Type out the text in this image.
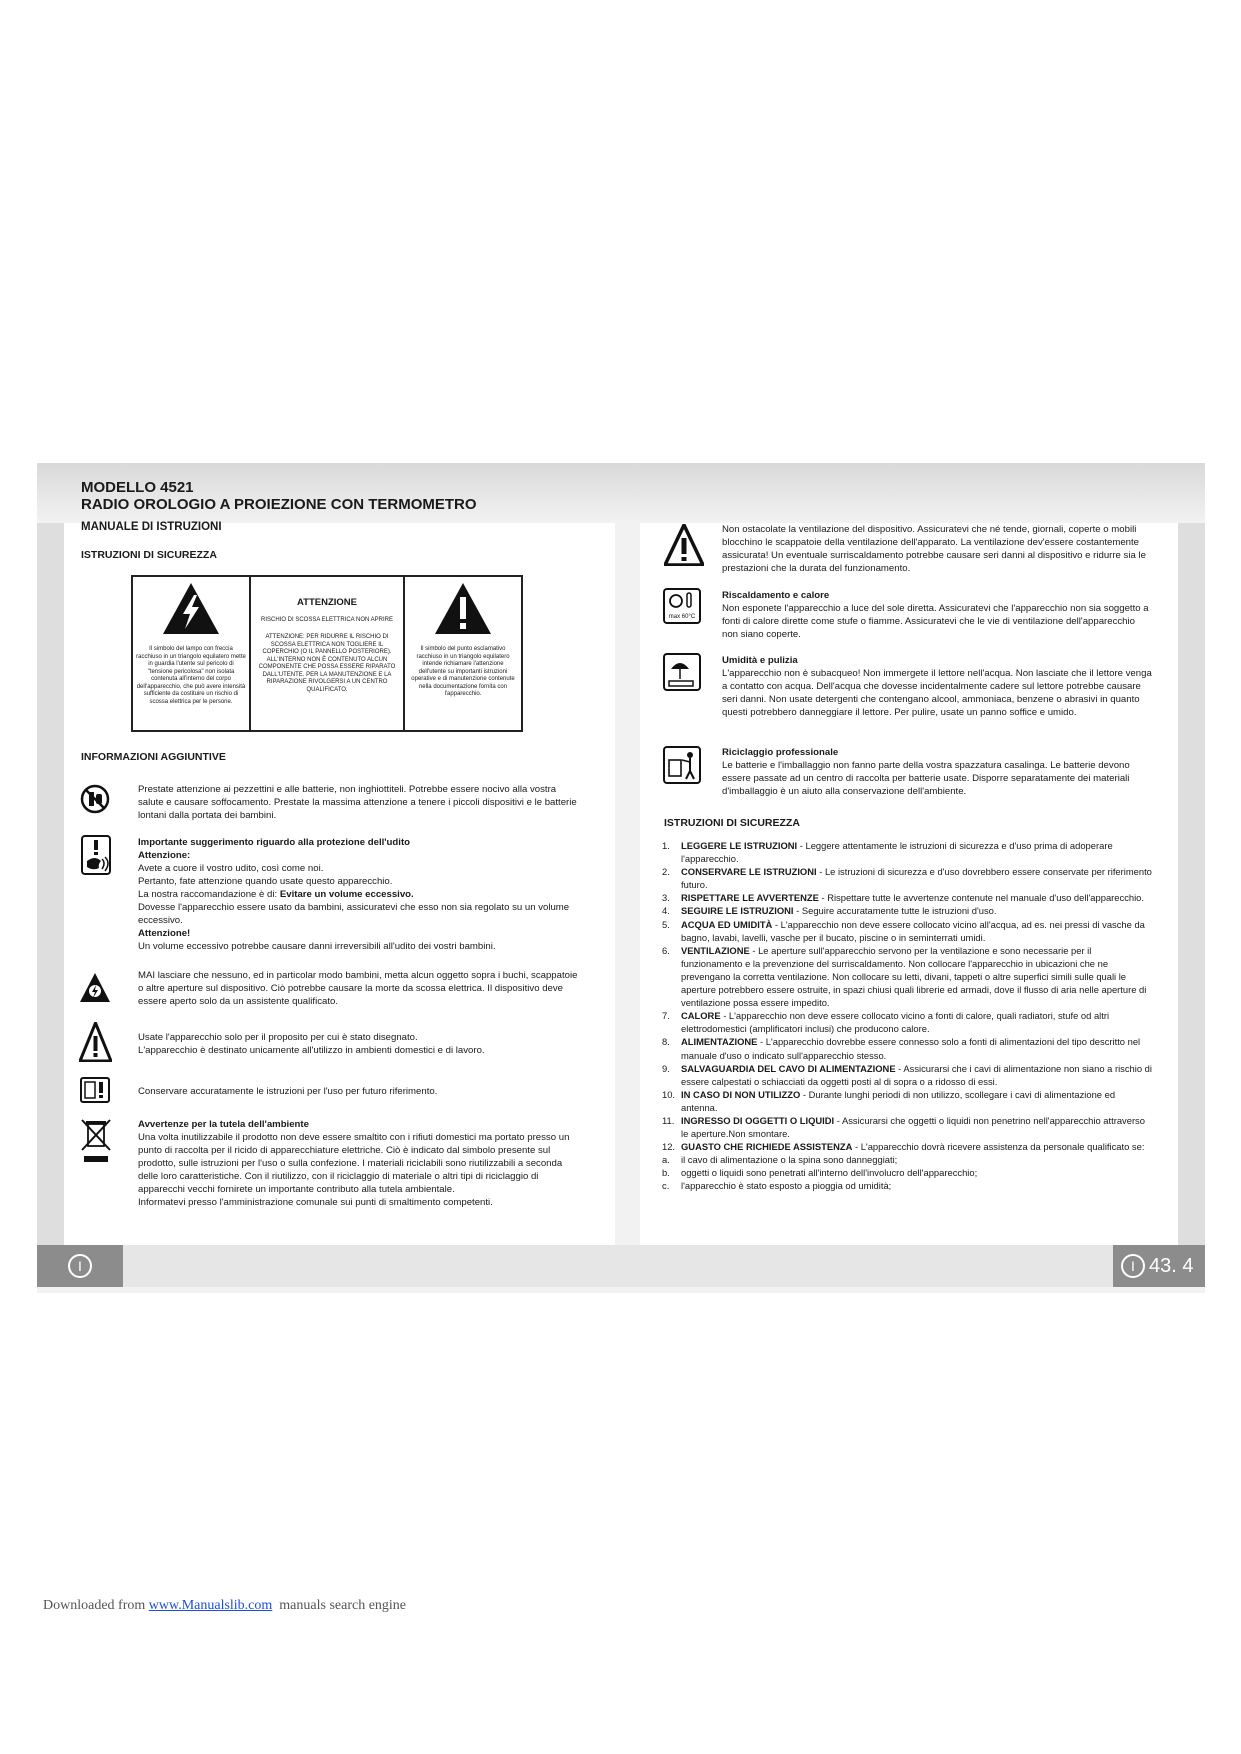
MODELLO 4521
RADIO OROLOGIO A PROIEZIONE CON TERMOMETRO

MANUALE DI ISTRUZIONI

ISTRUZIONI DI SICUREZZA

Il simbolo del lampo con freccia racchiuso in un triangolo equilatero mette in guardia l'utente sul pericolo di "tensione pericolosa" non isolata contenuta all'interno del corpo dell'apparecchio, che può avere intensità sufficiente da costituire un rischio di scossa elettrica per le persone.
ATTENZIONE
RISCHIO DI SCOSSA ELETTRICA NON APRIRE
ATTENZIONE: PER RIDURRE IL RISCHIO DI SCOSSA ELETTRICA NON TOGLIERE IL COPERCHIO (O IL PANNELLO POSTERIORE). ALL'INTERNO NON È CONTENUTO ALCUN COMPONENTE CHE POSSA ESSERE RIPARATO DALL'UTENTE. PER LA MANUTENZIONE E LA RIPARAZIONE RIVOLGERSI A UN CENTRO QUALIFICATO.
Il simbolo del punto esclamativo racchiuso in un triangolo equilatero intende richiamare l'attenzione dell'utente su importanti istruzioni operative e di manutenzione contenute nella documentazione fornita con l'apparecchio.

INFORMAZIONI AGGIUNTIVE

Prestate attenzione ai pezzettini e alle batterie, non inghiottiteli. Potrebbe essere nocivo alla vostra salute e causare soffocamento. Prestate la massima attenzione a tenere i piccoli dispositivi e le batterie lontani dalla portata dei bambini.

Importante suggerimento riguardo alla protezione dell'udito
Attenzione:
Avete a cuore il vostro udito, così come noi.
Pertanto, fate attenzione quando usate questo apparecchio.
La nostra raccomandazione è di: Evitare un volume eccessivo.
Dovesse l'apparecchio essere usato da bambini, assicuratevi che esso non sia regolato su un volume eccessivo.
Attenzione!
Un volume eccessivo potrebbe causare danni irreversibili all'udito dei vostri bambini.

MAI lasciare che nessuno, ed in particolar modo bambini, metta alcun oggetto sopra i buchi, scappatoie o altre aperture sul dispositivo. Ciò potrebbe causare la morte da scossa elettrica. Il dispositivo deve essere aperto solo da un assistente qualificato.

Usate l'apparecchio solo per il proposito per cui è stato disegnato.
L'apparecchio è destinato unicamente all'utilizzo in ambienti domestici e di lavoro.

Conservare accuratamente le istruzioni per l'uso per futuro riferimento.

Avvertenze per la tutela dell'ambiente
Una volta inutilizzabile il prodotto non deve essere smaltito con i rifiuti domestici ma portato presso un punto di raccolta per il ricido di apparecchiature elettriche. Ciò è indicato dal simbolo presente sul prodotto, sulle istruzioni per l'uso o sulla confezione. I materiali riciclabili sono riutilizzabili a seconda delle loro caratteristiche. Con il riutilizzo, con il riciclaggio di materiale o altri tipi di riciclaggio di apparecchi vecchi fornirete un importante contributo alla tutela ambientale.
Informatevi presso l'amministrazione comunale sui punti di smaltimento competenti.
I

Non ostacolate la ventilazione del dispositivo. Assicuratevi che né tende, giornali, coperte o mobili blocchino le scappatoie della ventilazione dell'apparato. La ventilazione dev'essere costantemente assicurata! Un eventuale surriscaldamento potrebbe causare seri danni al dispositivo e ridurre sia le prestazioni che la durata del funzionamento.

max 60°C
Riscaldamento e calore
Non esponete l'apparecchio a luce del sole diretta. Assicuratevi che l'apparecchio non sia soggetto a fonti di calore dirette come stufe o fiamme. Assicuratevi che le vie di ventilazione dell'apparecchio non siano coperte.
Umidità e pulizia
L'apparecchio non è subacqueo! Non immergete il lettore nell'acqua. Non lasciate che il lettore venga a contatto con acqua. Dell'acqua che dovesse incidentalmente cadere sul lettore potrebbe causare seri danni. Non usate detergenti che contengano alcool, ammoniaca, benzene o abrasivi in quanto questi potrebbero danneggiare il lettore. Per pulire, usate un panno soffice e umido.
Riciclaggio professionale
Le batterie e l'imballaggio non fanno parte della vostra spazzatura casalinga. Le batterie devono essere passate ad un centro di raccolta per batterie usate. Disporre separatamente dei materiali d'imballaggio è un aiuto alla conservazione dell'ambiente.

ISTRUZIONI DI SICUREZZA

1. LEGGERE LE ISTRUZIONI - Leggere attentamente le istruzioni di sicurezza e d'uso prima di adoperare l'apparecchio.
2. CONSERVARE LE ISTRUZIONI - Le istruzioni di sicurezza e d'uso dovrebbero essere conservate per riferimento futuro.
3. RISPETTARE LE AVVERTENZE - Rispettare tutte le avvertenze contenute nel manuale d'uso dell'apparecchio.
4. SEGUIRE LE ISTRUZIONI - Seguire accuratamente tutte le istruzioni d'uso.
5. ACQUA ED UMIDITÀ - L'apparecchio non deve essere collocato vicino all'acqua, ad es. nei pressi di vasche da bagno, lavabi, lavelli, vasche per il bucato, piscine o in seminterrati umidi.
6. VENTILAZIONE - Le aperture sull'apparecchio servono per la ventilazione e sono necessarie per il funzionamento e la prevenzione del surriscaldamento. Non collocare l'apparecchio in ubicazioni che ne prevengano la corretta ventilazione. Non collocare su letti, divani, tappeti o altre superfici simili sulle quali le aperture potrebbero essere ostruite, in spazi chiusi quali librerie ed armadi, dove il flusso di aria nelle aperture di ventilazione possa essere impedito.
7. CALORE - L'apparecchio non deve essere collocato vicino a fonti di calore, quali radiatori, stufe od altri elettrodomestici (amplificatori inclusi) che producono calore.
8. ALIMENTAZIONE - L'apparecchio dovrebbe essere connesso solo a fonti di alimentazioni del tipo descritto nel manuale d'uso o indicato sull'apparecchio stesso.
9. SALVAGUARDIA DEL CAVO DI ALIMENTAZIONE - Assicurarsi che i cavi di alimentazione non siano a rischio di essere calpestati o schiacciati da oggetti posti al di sopra o a ridosso di essi.
10. IN CASO DI NON UTILIZZO - Durante lunghi periodi di non utilizzo, scollegare i cavi di alimentazione ed antenna.
11. INGRESSO DI OGGETTI O LIQUIDI - Assicurarsi che oggetti o liquidi non penetrino nell'apparecchio attraverso le aperture.Non smontare.
12. GUASTO CHE RICHIEDE ASSISTENZA - L'apparecchio dovrà ricevere assistenza da personale qualificato se:
a. il cavo di alimentazione o la spina sono danneggiati;
b. oggetti o liquidi sono penetrati all'interno dell'involucro dell'apparecchio;
c. l'apparecchio è stato esposto a pioggia od umidità;
I 43. 4
Downloaded from www.Manualslib.com  manuals search engine
